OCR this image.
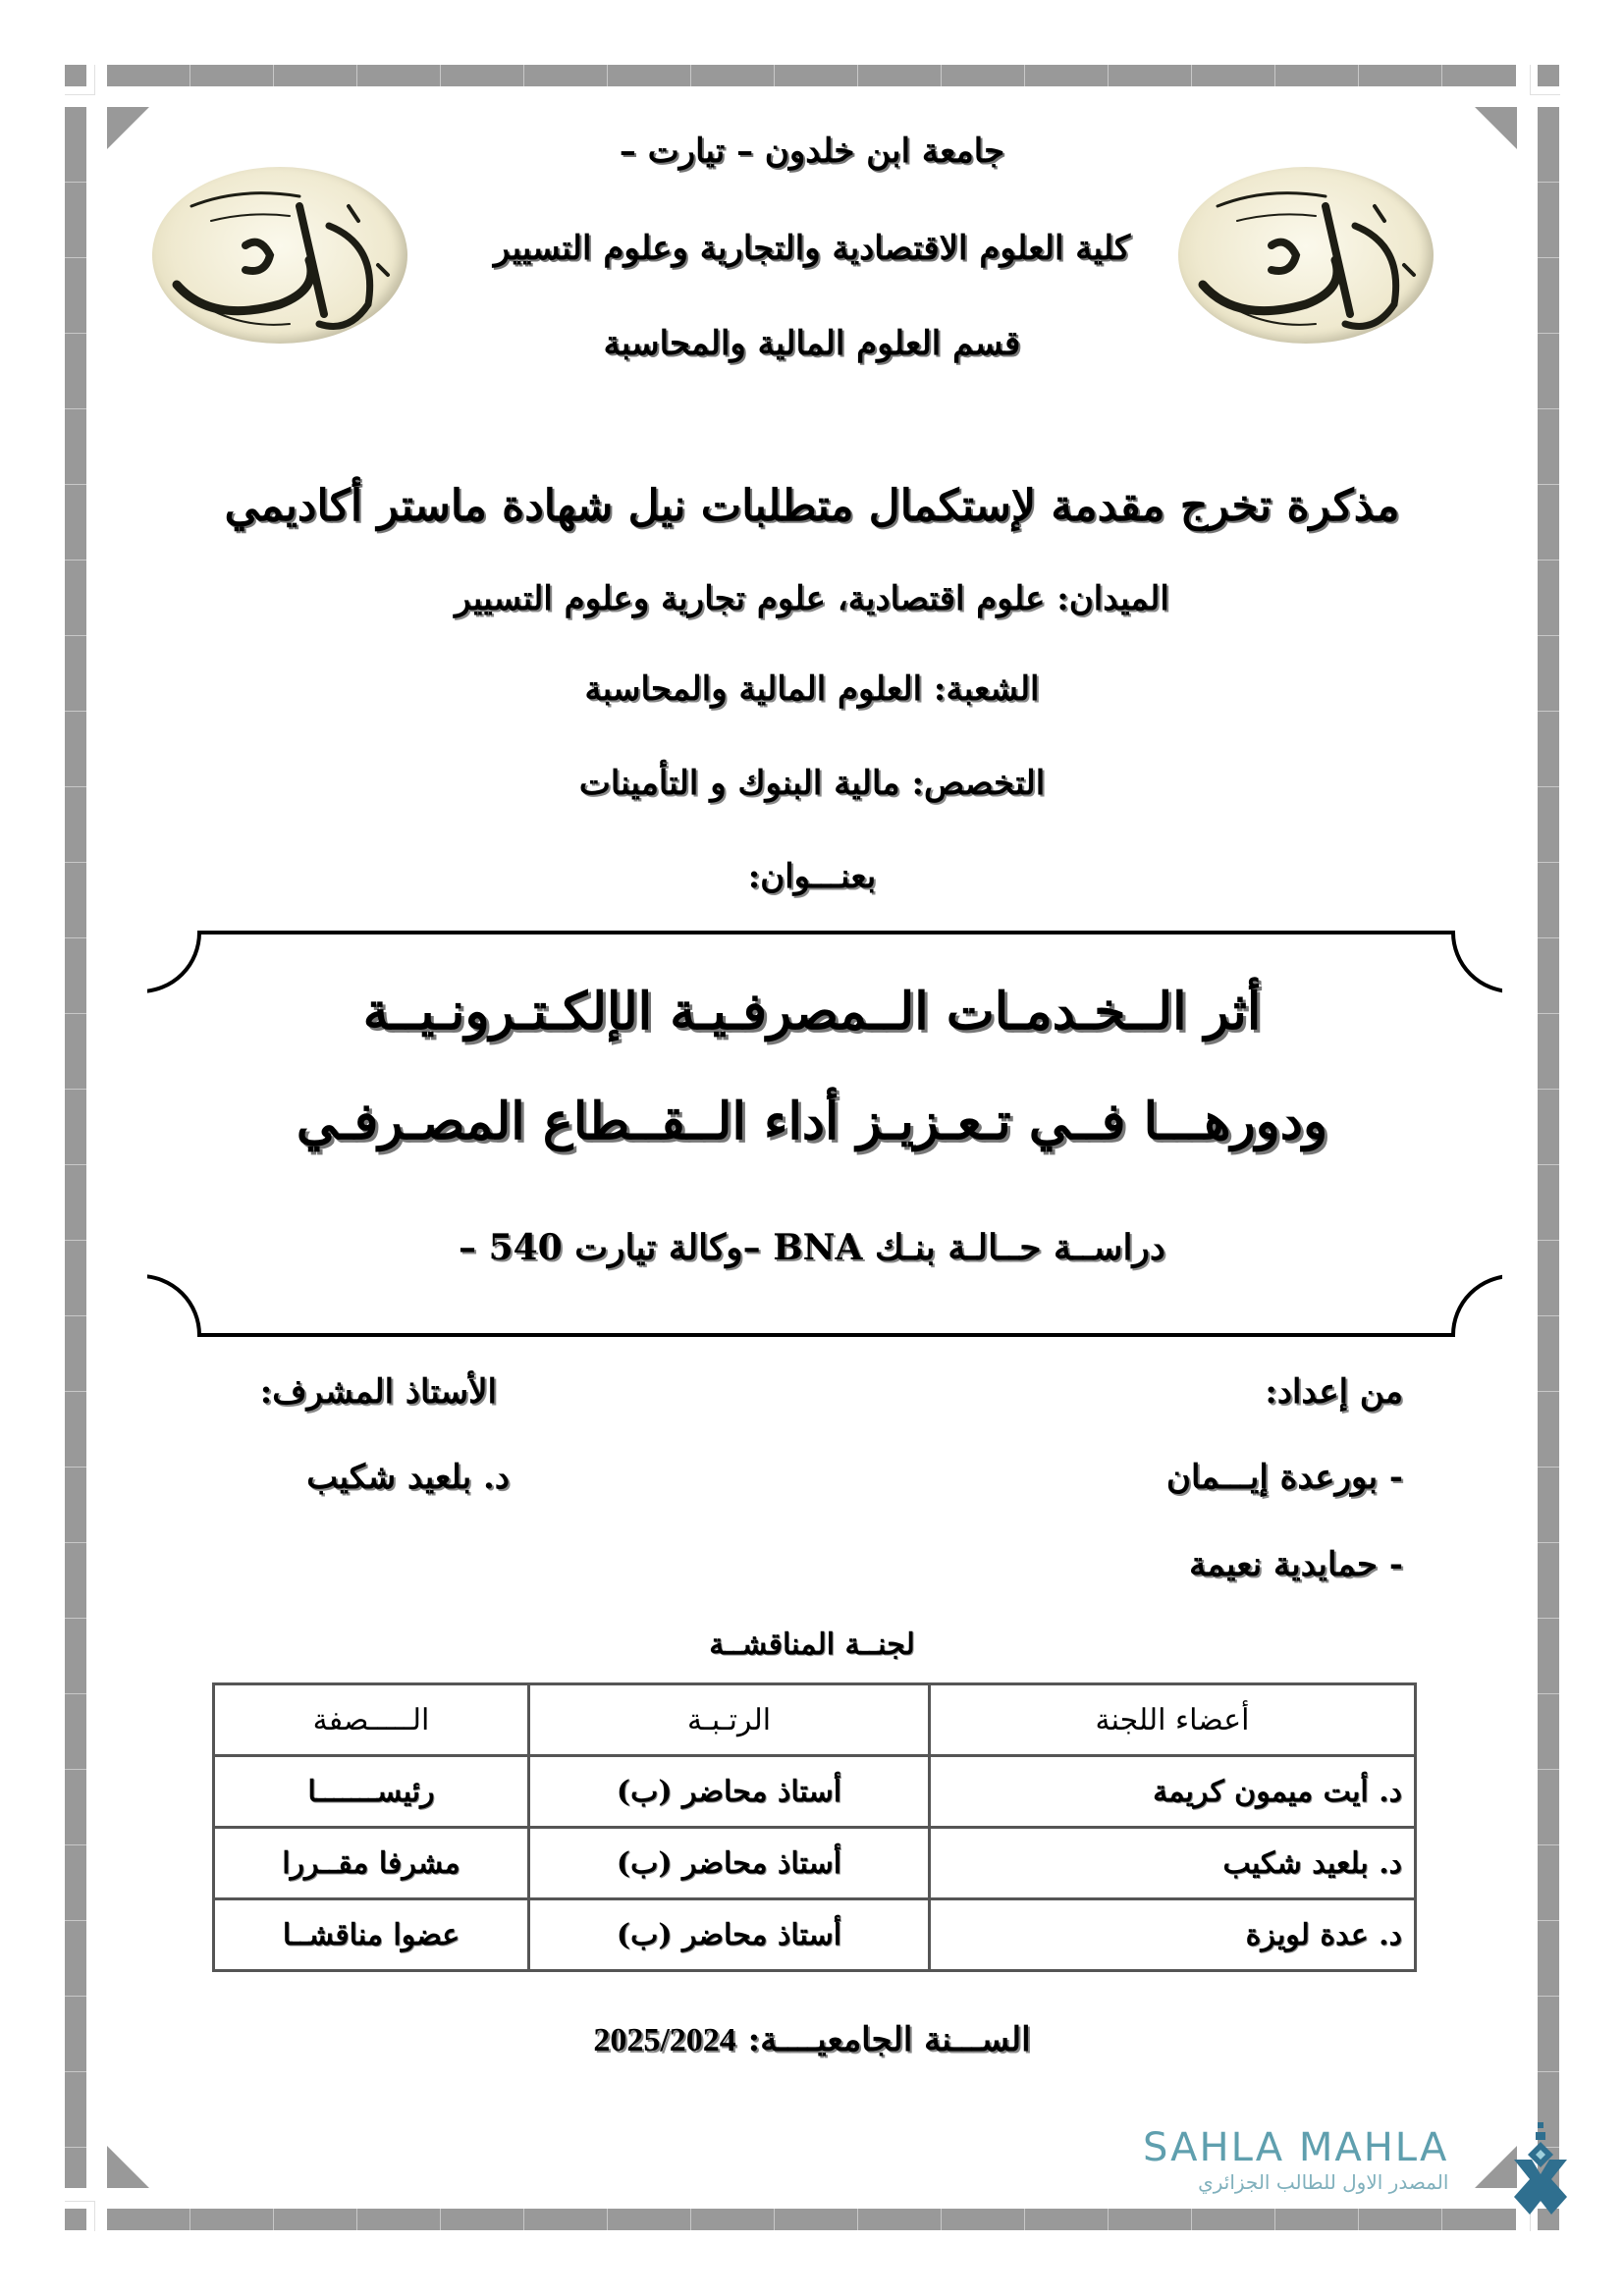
جامعة ابن خلدون – تيارت –
كلية العلوم الاقتصادية والتجارية وعلوم التسيير
قسم العلوم المالية والمحاسبة
مذكرة تخرج مقدمة لإستكمال متطلبات نيل شهادة ماستر أكاديمي
الميدان: علوم اقتصادية، علوم تجارية وعلوم التسيير
الشعبة: العلوم المالية والمحاسبة
التخصص: مالية البنوك و التأمينات
بعنـــوان:
أثر الــخـدمـات الــمصرفـيـة الإلكـتـرونـيــة
ودورهـــا فــي تـعـزيـز أداء الــقــطاع المصـرفـي
دراســة حــالـة بنـك BNA –وكالة تيارت 540 –
من إعداد:
- بورعدة إيـــمان
- حمايدية نعيمة
الأستاذ المشرف:
د. بلعيد شكيب
لجنــة المناقشــة
أعضاء اللجنة	الرتـبـة	الـــــصفة
د. أيت ميمون كريمة	أستاذ محاضر (ب)	رئيســـــــا
د. بلعيد شكيب	أستاذ محاضر (ب)	مشرفا مقــررا
د. عدة لويزة	أستاذ محاضر (ب)	عضوا مناقشــا
الســـنة الجامعيــــة: 2025/2024
SAHLA MAHLA
المصدر الاول للطالب الجزائري
